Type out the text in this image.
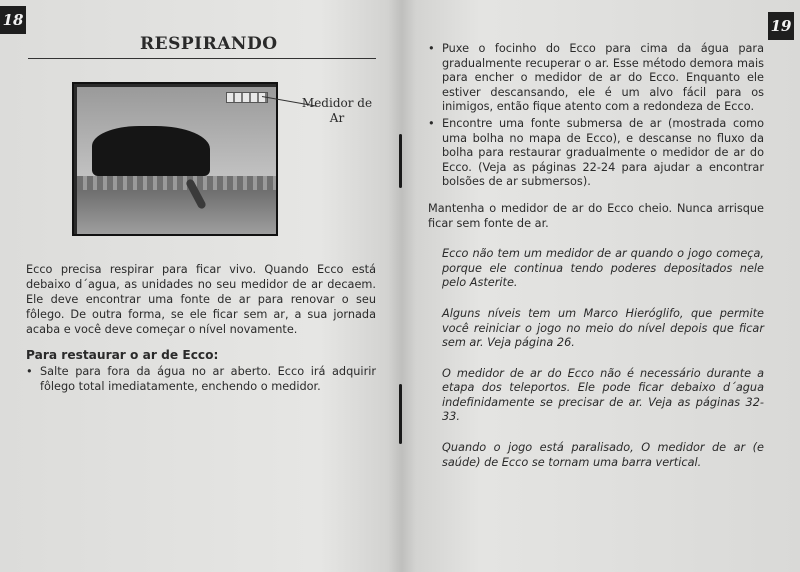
18
RESPIRANDO

Medidor de Ar

Ecco precisa respirar para ficar vivo. Quando Ecco está debaixo d´agua, as unidades no seu medidor de ar decaem. Ele deve encontrar uma fonte de ar para renovar o seu fôlego. De outra forma, se ele ficar sem ar, a sua jornada acaba e você deve começar o nível novamente.

Para restaurar o ar de Ecco:

• Salte para fora da água no ar aberto. Ecco irá adquirir fôlego total imediatamente, enchendo o medidor.
19
• Puxe o focinho do Ecco para cima da água para gradualmente recuperar o ar. Esse método demora mais para encher o medidor de ar do Ecco. Enquanto ele estiver descansando, ele é um alvo fácil para os inimigos, então fique atento com a redondeza de Ecco.
• Encontre uma fonte submersa de ar (mostrada como uma bolha no mapa de Ecco), e descanse no fluxo da bolha para restaurar gradualmente o medidor de ar do Ecco. (Veja as páginas 22-24 para ajudar a encontrar bolsões de ar submersos).

Mantenha o medidor de ar do Ecco cheio. Nunca arrisque ficar sem fonte de ar.

Ecco não tem um medidor de ar quando o jogo começa, porque ele continua tendo poderes depositados nele pelo Asterite.

Alguns níveis tem um Marco Hieróglifo, que permite você reiniciar o jogo no meio do nível depois que ficar sem ar. Veja página 26.

O medidor de ar do Ecco não é necessário durante a etapa dos teleportos. Ele pode ficar debaixo d´agua indefinidamente se precisar de ar. Veja as páginas 32-33.

Quando o jogo está paralisado, O medidor de ar (e saúde) de Ecco se tornam uma barra vertical.
